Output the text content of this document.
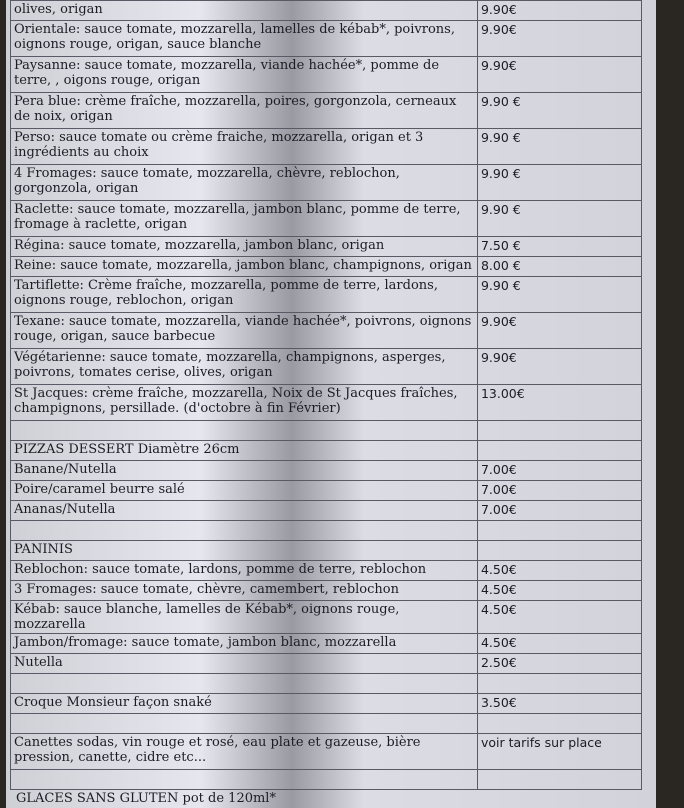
olives, origan	9.90€
Orientale: sauce tomate, mozzarella, lamelles de kébab*, poivrons, oignons rouge, origan, sauce blanche	9.90€
Paysanne: sauce tomate, mozzarella, viande hachée*, pomme de terre, , oigons rouge, origan	9.90€
Pera blue: crème fraîche, mozzarella, poires, gorgonzola, cerneaux de noix, origan	9.90 €
Perso: sauce tomate ou crème fraiche, mozzarella, origan et 3 ingrédients au choix	9.90 €
4 Fromages: sauce tomate, mozzarella, chèvre, reblochon, gorgonzola, origan	9.90 €
Raclette: sauce tomate, mozzarella, jambon blanc, pomme de terre, fromage à raclette, origan	9.90 €
Régina: sauce tomate, mozzarella, jambon blanc, origan	7.50 €
Reine: sauce tomate, mozzarella, jambon blanc, champignons, origan	8.00 €
Tartiflette: Crème fraîche, mozzarella, pomme de terre, lardons, oignons rouge, reblochon, origan	9.90 €
Texane: sauce tomate, mozzarella, viande hachée*, poivrons, oignons rouge, origan, sauce barbecue	9.90€
Végétarienne: sauce tomate, mozzarella, champignons, asperges, poivrons, tomates cerise, olives, origan	9.90€
St Jacques: crème fraîche, mozzarella, Noix de St Jacques fraîches, champignons, persillade. (d'octobre à fin Février)	13.00€

PIZZAS DESSERT Diamètre 26cm	
Banane/Nutella	7.00€
Poire/caramel beurre salé	7.00€
Ananas/Nutella	7.00€

PANINIS	
Reblochon: sauce tomate, lardons, pomme de terre, reblochon	4.50€
3 Fromages: sauce tomate, chèvre, camembert, reblochon	4.50€
Kébab: sauce blanche, lamelles de Kébab*, oignons rouge, mozzarella	4.50€
Jambon/fromage: sauce tomate, jambon blanc, mozzarella	4.50€
Nutella	2.50€

Croque Monsieur façon snaké	3.50€

Canettes sodas, vin rouge et rosé, eau plate et gazeuse, bière pression, canette, cidre etc...	voir tarifs sur place

GLACES SANS GLUTEN pot de 120ml*
